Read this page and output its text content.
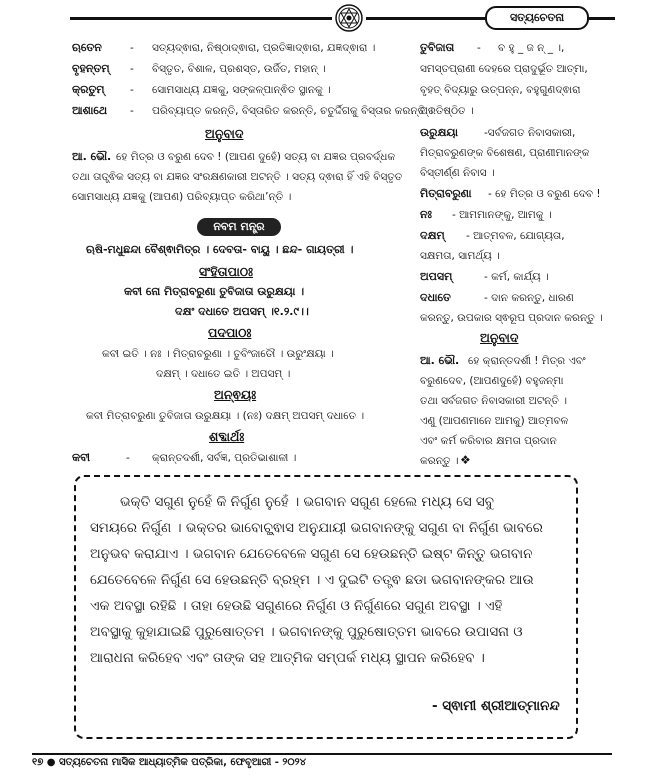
ସତ୍ୟଚେତନା
ଋତେନ	- ସତ୍ୟଦ୍ଵାରା, ନିଷ୍ଠାଦ୍ଵାରା, ପ୍ରତିଜ୍ଞାଦ୍ଵାରା, ଯଜ୍ଞଦ୍ଵାରା ।
ବୃହନ୍ତମ୍ - ବିସ୍ତୃତ, ବିଶାଳ, ପ୍ରଶସ୍ତ, ଉର୍ଜିତ, ମହାନ୍ ।
କ୍ରତୁମ୍ - ସୋମସାଧ୍ୟ ଯଜ୍ଞକୁ, ସଙ୍କଳ୍ପାନ୍ଵିତ ସ୍ଥାନକୁ ।
ଆଶାଥେ - ପରିବ୍ୟାପ୍ତ କରନ୍ତି, ବିସ୍ତାରିତ କରନ୍ତି, ଚତୁର୍ଦ୍ଦିଗକୁ ବିସ୍ତାର କରନ୍ତି ।
ଅନୁବାଦ
ଆ. ଭୌ. ହେ ମିତ୍ର ଓ ବରୁଣ ଦେବ ! (ଆପଣ ଦୁହେଁ) ସତ୍ୟ ବା ଯଜ୍ଞର ପ୍ରବର୍ଦ୍ଧକ
ତଥା ତାତ୍ତ୍ଵିକ ସତ୍ୟ ବା ଯଜ୍ଞର ସଂରକ୍ଷଣକାରୀ ଅଟନ୍ତି । ସତ୍ୟ ଦ୍ଵାରା ହିଁ ଏହି ବିସ୍ତୃତ
ସୋମସାଧ୍ୟ ଯଜ୍ଞକୁ (ଆପଣ) ପରିବ୍ୟାପ୍ତ କରିଥା’ନ୍ତି ।
ନବମ ମନ୍ତ୍ର
ଋଷି-ମଧୁଛନ୍ଦା ବୈଶ୍ଵାମିତ୍ର । ଦେବତା- ବାୟୁ । ଛନ୍ଦ- ଗାୟତ୍ରୀ ।
ସଂହିତାପାଠଃ
କବୀ ନୋ ମିତ୍ରାବରୁଣା ତୁବିଜାତା ଉରୁକ୍ଷୟା ।
ଦକ୍ଷଂ ଦଧାତେ ଅପସମ୍ ।୧.୨.୯।।
ପଦପାଠଃ
କବୀ ଇତି । ନଃ । ମିତ୍ରାବରୁଣା । ତୁବିଂଜାତୌ । ଉରୁଂକ୍ଷୟା ।
ଦକ୍ଷମ୍ । ଦଧାତେ ଇତି । ଅପସମ୍ ।
ଅନ୍ଵୟଃ
କବୀ ମିତ୍ରାବରୁଣା ତୁବିଜାତା ଉରୁକ୍ଷୟା । (ନଃ) ଦକ୍ଷମ୍ ଅପସମ୍ ଦଧାତେ ।
ଶବ୍ଦାର୍ଥଃ
କବୀ	- କ୍ରାନ୍ତଦର୍ଶୀ, ସର୍ବଜ୍ଞ, ପ୍ରତିଭାଶାଳୀ ।
ତୁବିଜାତା - ବ ହୁ _ ଜ ନ୍ _ ।,
ସମସ୍ତପ୍ରାଣୀ ଦେହରେ ପ୍ରାଦୁର୍ଭୂତ ଆତ୍ମା,
ବୃହତ୍ ବିଦ୍ୟାରୁ ଉତ୍ପନ୍ନ, ବହୁଗୁଣଦ୍ଵାରା
ପ୍ରତିଷ୍ଠିତ ।
ଉରୁକ୍ଷୟା -ସର୍ବଜଗତ ନିବାସକାରୀ,
ମିତ୍ରାବରୁଣଙ୍କ ବିଶେଷଣ, ପ୍ରାଣୀମାନଙ୍କ
ବିସ୍ତୀର୍ଣ୍ଣ ନିବାସ ।
ମିତ୍ରାବରୁଣା - ହେ ମିତ୍ର ଓ ବରୁଣ ଦେବ !
ନଃ - ଆମମାନଙ୍କୁ, ଆମକୁ ।
ଦକ୍ଷମ୍ - ଆତ୍ମବଳ, ଯୋଗ୍ୟତା,
ସକ୍ଷମତା, ସାମର୍ଥ୍ୟ ।
ଅପସମ୍	- କର୍ମ, କାର୍ଯ୍ୟ ।
ଦଧାତେ	- ଦାନ କରନ୍ତୁ, ଧାରଣ
କରନ୍ତୁ, ଉପକାର ସ୍ଵରୂପ ପ୍ରଦାନ କରନ୍ତୁ ।
ଅନୁବାଦ
ଆ. ଭୌ. ହେ କ୍ରାନ୍ତଦର୍ଶୀ ! ମିତ୍ର ଏବଂ
ବରୁଣଦେବ, (ଆପଣଦୁହେଁ) ବହୁଜନ୍ମା
ତଥା ସର୍ବଜଗତ ନିବାସକାରୀ ଅଟନ୍ତି ।
ଏଣୁ (ଆପଣମାନେ ଆମକୁ) ଆତ୍ମବଳ
ଏବଂ କର୍ମ କରିବାର କ୍ଷମତା ପ୍ରଦାନ
କରନ୍ତୁ । ❖
ଭକ୍ତି ସଗୁଣ ନୁହେଁ କି ନିର୍ଗୁଣ ନୁହେଁ । ଭଗବାନ ସଗୁଣ ହେଲେ ମଧ୍ୟ ସେ ସବୁ
ସମୟରେ ନିର୍ଗୁଣ । ଭକ୍ତର ଭାବୋଚ୍ଛ୍ଵାସ ଅନୁଯାୟୀ ଭଗବାନଙ୍କୁ ସଗୁଣ ବା ନିର୍ଗୁଣ ଭାବରେ
ଅନୁଭବ କରାଯାଏ । ଭଗବାନ ଯେତେବେଳେ ସଗୁଣ ସେ ହେଉଛନ୍ତି ଇଷ୍ଟ କିନ୍ତୁ ଭଗବାନ
ଯେତେବେଳେ ନିର୍ଗୁଣ ସେ ହେଉଛନ୍ତି ବ୍ରହ୍ମ । ଏ ଦୁଇଟି ତତ୍ତ୍ଵ ଛଡା ଭଗବାନଙ୍କର ଆଉ
ଏକ ଅବସ୍ଥା ରହିଛି । ତାହା ହେଉଛି ସଗୁଣରେ ନିର୍ଗୁଣ ଓ ନିର୍ଗୁଣରେ ସଗୁଣ ଅବସ୍ଥା । ଏହି
ଅବସ୍ଥାକୁ କୁହାଯାଇଛି ପୁରୁଷୋତ୍ତମ । ଭଗବାନଙ୍କୁ ପୁରୁଷୋତ୍ତମ ଭାବରେ ଉପାସନା ଓ
ଆରାଧନା କରିହେବ ଏବଂ ତାଙ୍କ ସହ ଆତ୍ମିକ ସମ୍ପର୍କ ମଧ୍ୟ ସ୍ଥାପନ କରିହେବ ।
- ସ୍ଵାମୀ ଶ୍ରୀଆତ୍ମାନନ୍ଦ
୧୭ ● ସତ୍ୟଚେତନା ମାସିକ ଆଧ୍ୟାତ୍ମିକ ପତ୍ରିକା, ଫେବୃଆରୀ - ୨୦୨୪
